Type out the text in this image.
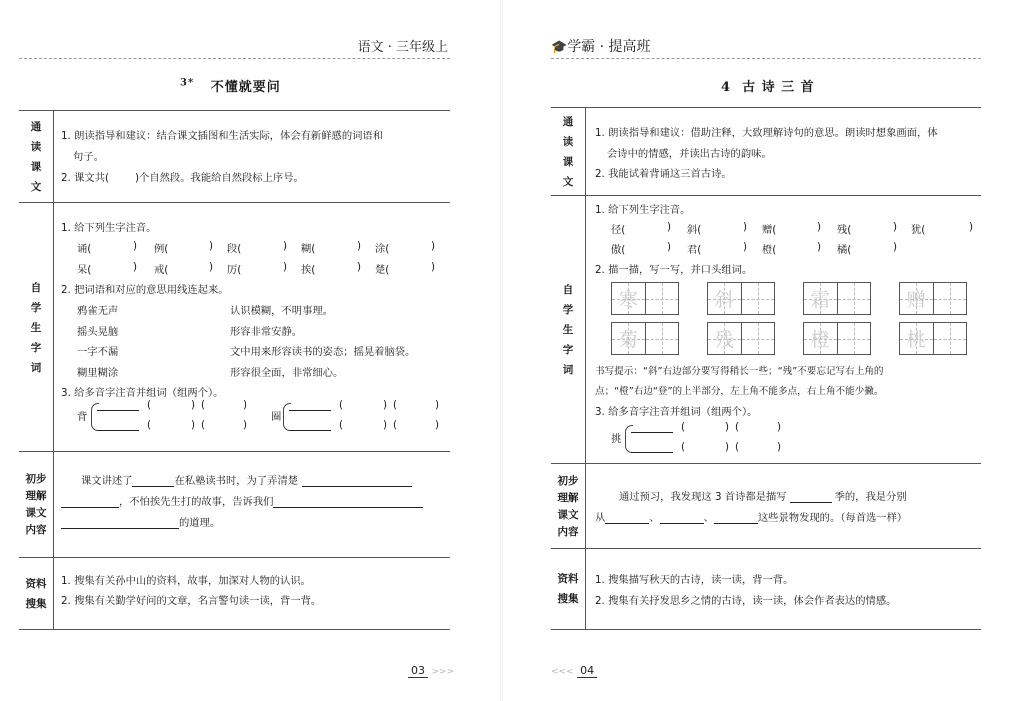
语文 · 三年级上
$^{3*}$ 不懂就要问
通
读
课
文
1. 朗读指导和建议：结合课文插图和生活实际，体会有新鲜感的词语和
句子。
2. 课文共(	)个自然段。我能给自然段标上序号。
自
学
生
字
词
1. 给下列生字注音。
诵(	) 例(	) 段(	) 糊(	) 涂(	)
呆(	) 戒(	) 厉(	) 挨(	) 楚(	)
2. 把词语和对应的意思用线连起来。
鸦雀无声
摇头晃脑
一字不漏
糊里糊涂
认识模糊，不明事理。
形容非常安静。
文中用来形容读书的姿态；摇晃着脑袋。
形容很全面，非常细心。
3. 给多音字注音并组词（组两个）。
背
(	) (	)
(	) (	)
圈
(	) (	)
(	) (	)
初步
理解
课文
内容
课文讲述了	在私塾读书时，为了弄清楚
，不怕挨先生打的故事，告诉我们
的道理。
资料
搜集
1. 搜集有关孙中山的资料，故事，加深对人物的认识。
2. 搜集有关勤学好问的文章，名言警句读一读，背一背。
03 >>>
🎓学霸 · 提高班
4 古 诗 三 首
通
读
课
文
1. 朗读指导和建议：借助注释，大致理解诗句的意思。朗读时想象画面，体
会诗中的情感，并读出古诗的韵味。
2. 我能试着背诵这三首古诗。
自
学
生
字
词
1. 给下列生字注音。
径(	) 斜(	) 赠(	) 残(	) 犹(	)
傲(	) 君(	) 橙(	) 橘(	)
2. 描一描，写一写，并口头组词。
寒	斜	霜	赠
菊	残	橙	桃
书写提示：“斜”右边部分要写得稍长一些；“残”不要忘记写右上角的
点；“橙”右边“登”的上半部分，左上角不能多点，右上角不能少撇。
3. 给多音字注音并组词（组两个）。
挑
(	) (	)
(	) (	)
初步
理解
课文
内容
通过预习，我发现这 3 首诗都是描写	季的，我是分别
从	、	、	这些景物发现的。（每首选一样）
资料
搜集
1. 搜集描写秋天的古诗，读一读，背一背。
2. 搜集有关抒发思乡之情的古诗，读一读，体会作者表达的情感。
<<< 04
